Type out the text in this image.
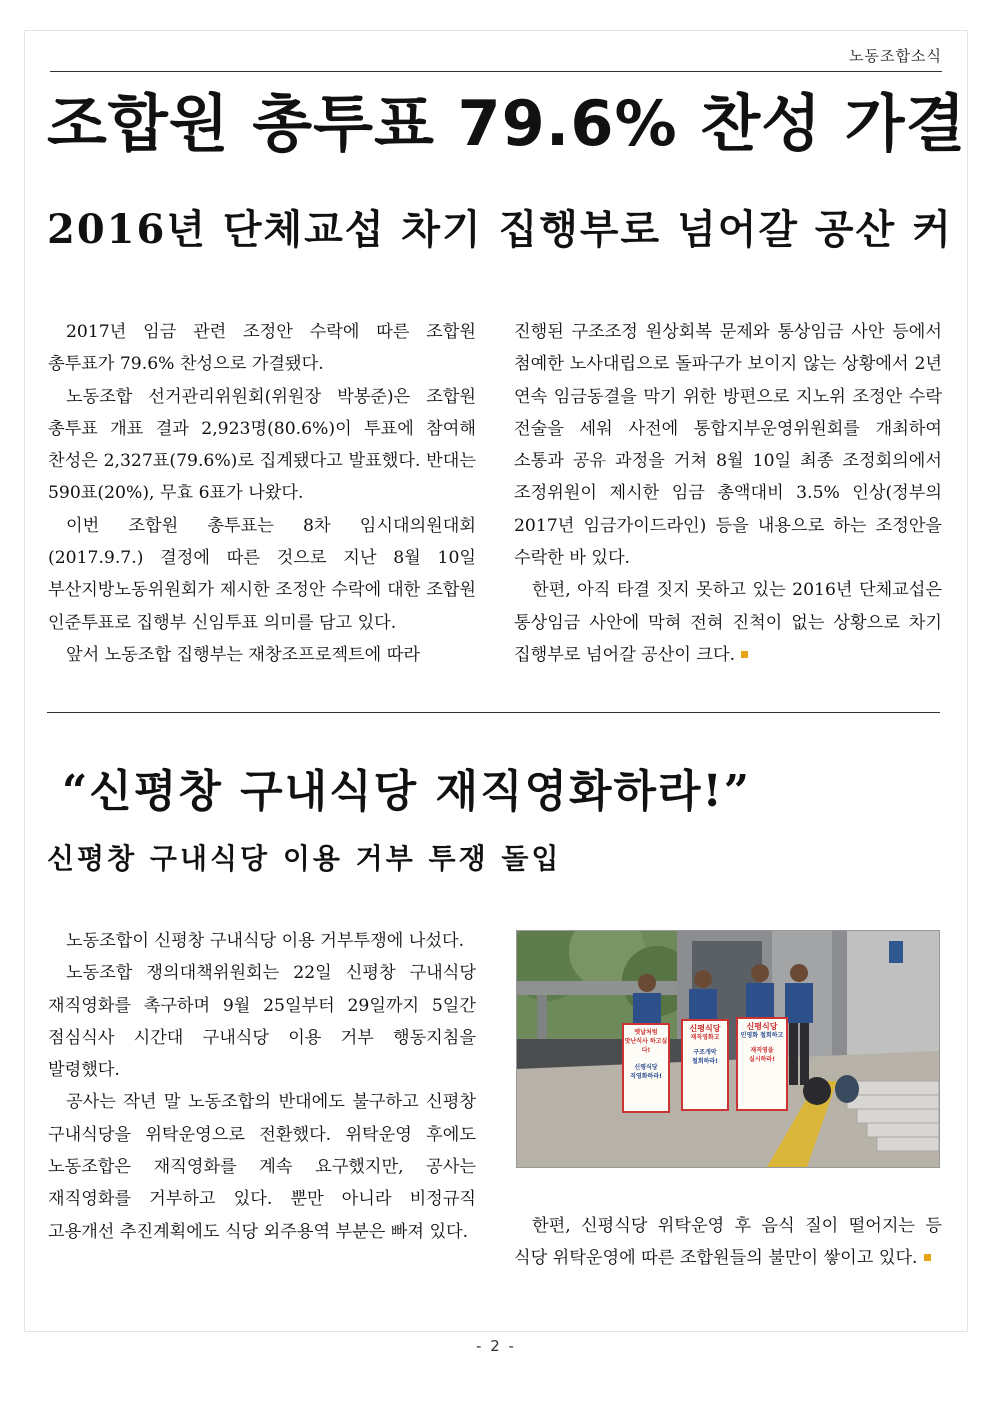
노동조합소식
조합원 총투표 79.6% 찬성 가결
2016년 단체교섭 차기 집행부로 넘어갈 공산 커

2017년 임금 관련 조정안 수락에 따른 조합원 총투표가 79.6% 찬성으로 가결됐다.

노동조합 선거관리위원회(위원장 박봉준)은 조합원 총투표 개표 결과 2,923명(80.6%)이 투표에 참여해 찬성은 2,327표(79.6%)로 집계됐다고 발표했다. 반대는 590표(20%), 무효 6표가 나왔다.

이번 조합원 총투표는 8차 임시대의원대회(2017.9.7.) 결정에 따른 것으로 지난 8월 10일 부산지방노동위원회가 제시한 조정안 수락에 대한 조합원 인준투표로 집행부 신임투표 의미를 담고 있다.

앞서 노동조합 집행부는 재창조프로젝트에 따라

진행된 구조조정 원상회복 문제와 통상임금 사안 등에서 첨예한 노사대립으로 돌파구가 보이지 않는 상황에서 2년 연속 임금동결을 막기 위한 방편으로 지노위 조정안 수락 전술을 세워 사전에 통합지부운영위원회를 개최하여 소통과 공유 과정을 거쳐 8월 10일 최종 조정회의에서 조정위원이 제시한 임금 총액대비 3.5% 인상(정부의 2017년 임금가이드라인) 등을 내용으로 하는 조정안을 수락한 바 있다.

한편, 아직 타결 짓지 못하고 있는 2016년 단체교섭은 통상임금 사안에 막혀 전혀 진척이 없는 상황으로 차기 집행부로 넘어갈 공산이 크다.

“신평창 구내식당 재직영화하라!”
신평창 구내식당 이용 거부 투쟁 돌입

노동조합이 신평창 구내식당 이용 거부투쟁에 나섰다.

노동조합 쟁의대책위원회는 22일 신평창 구내식당 재직영화를 촉구하며 9월 25일부터 29일까지 5일간 점심식사 시간대 구내식당 이용 거부 행동지침을 발령했다.

공사는 작년 말 노동조합의 반대에도 불구하고 신평창 구내식당을 위탁운영으로 전환했다. 위탁운영 후에도 노동조합은 재직영화를 계속 요구했지만, 공사는 재직영화를 거부하고 있다. 뿐만 아니라 비정규직 고용개선 추진계획에도 식당 외주용역 부분은 빠져 있다.

옛날처럼
맛난식사 하고싶다!
신평식당
직영화하라!
신평식당
재직영화고
구조개악
철회하라!
신평식당
민영화 철회하고
재직영을
실시하라!

한편, 신평식당 위탁운영 후 음식 질이 떨어지는 등 식당 위탁운영에 따른 조합원들의 불만이 쌓이고 있다.

- 2 -
